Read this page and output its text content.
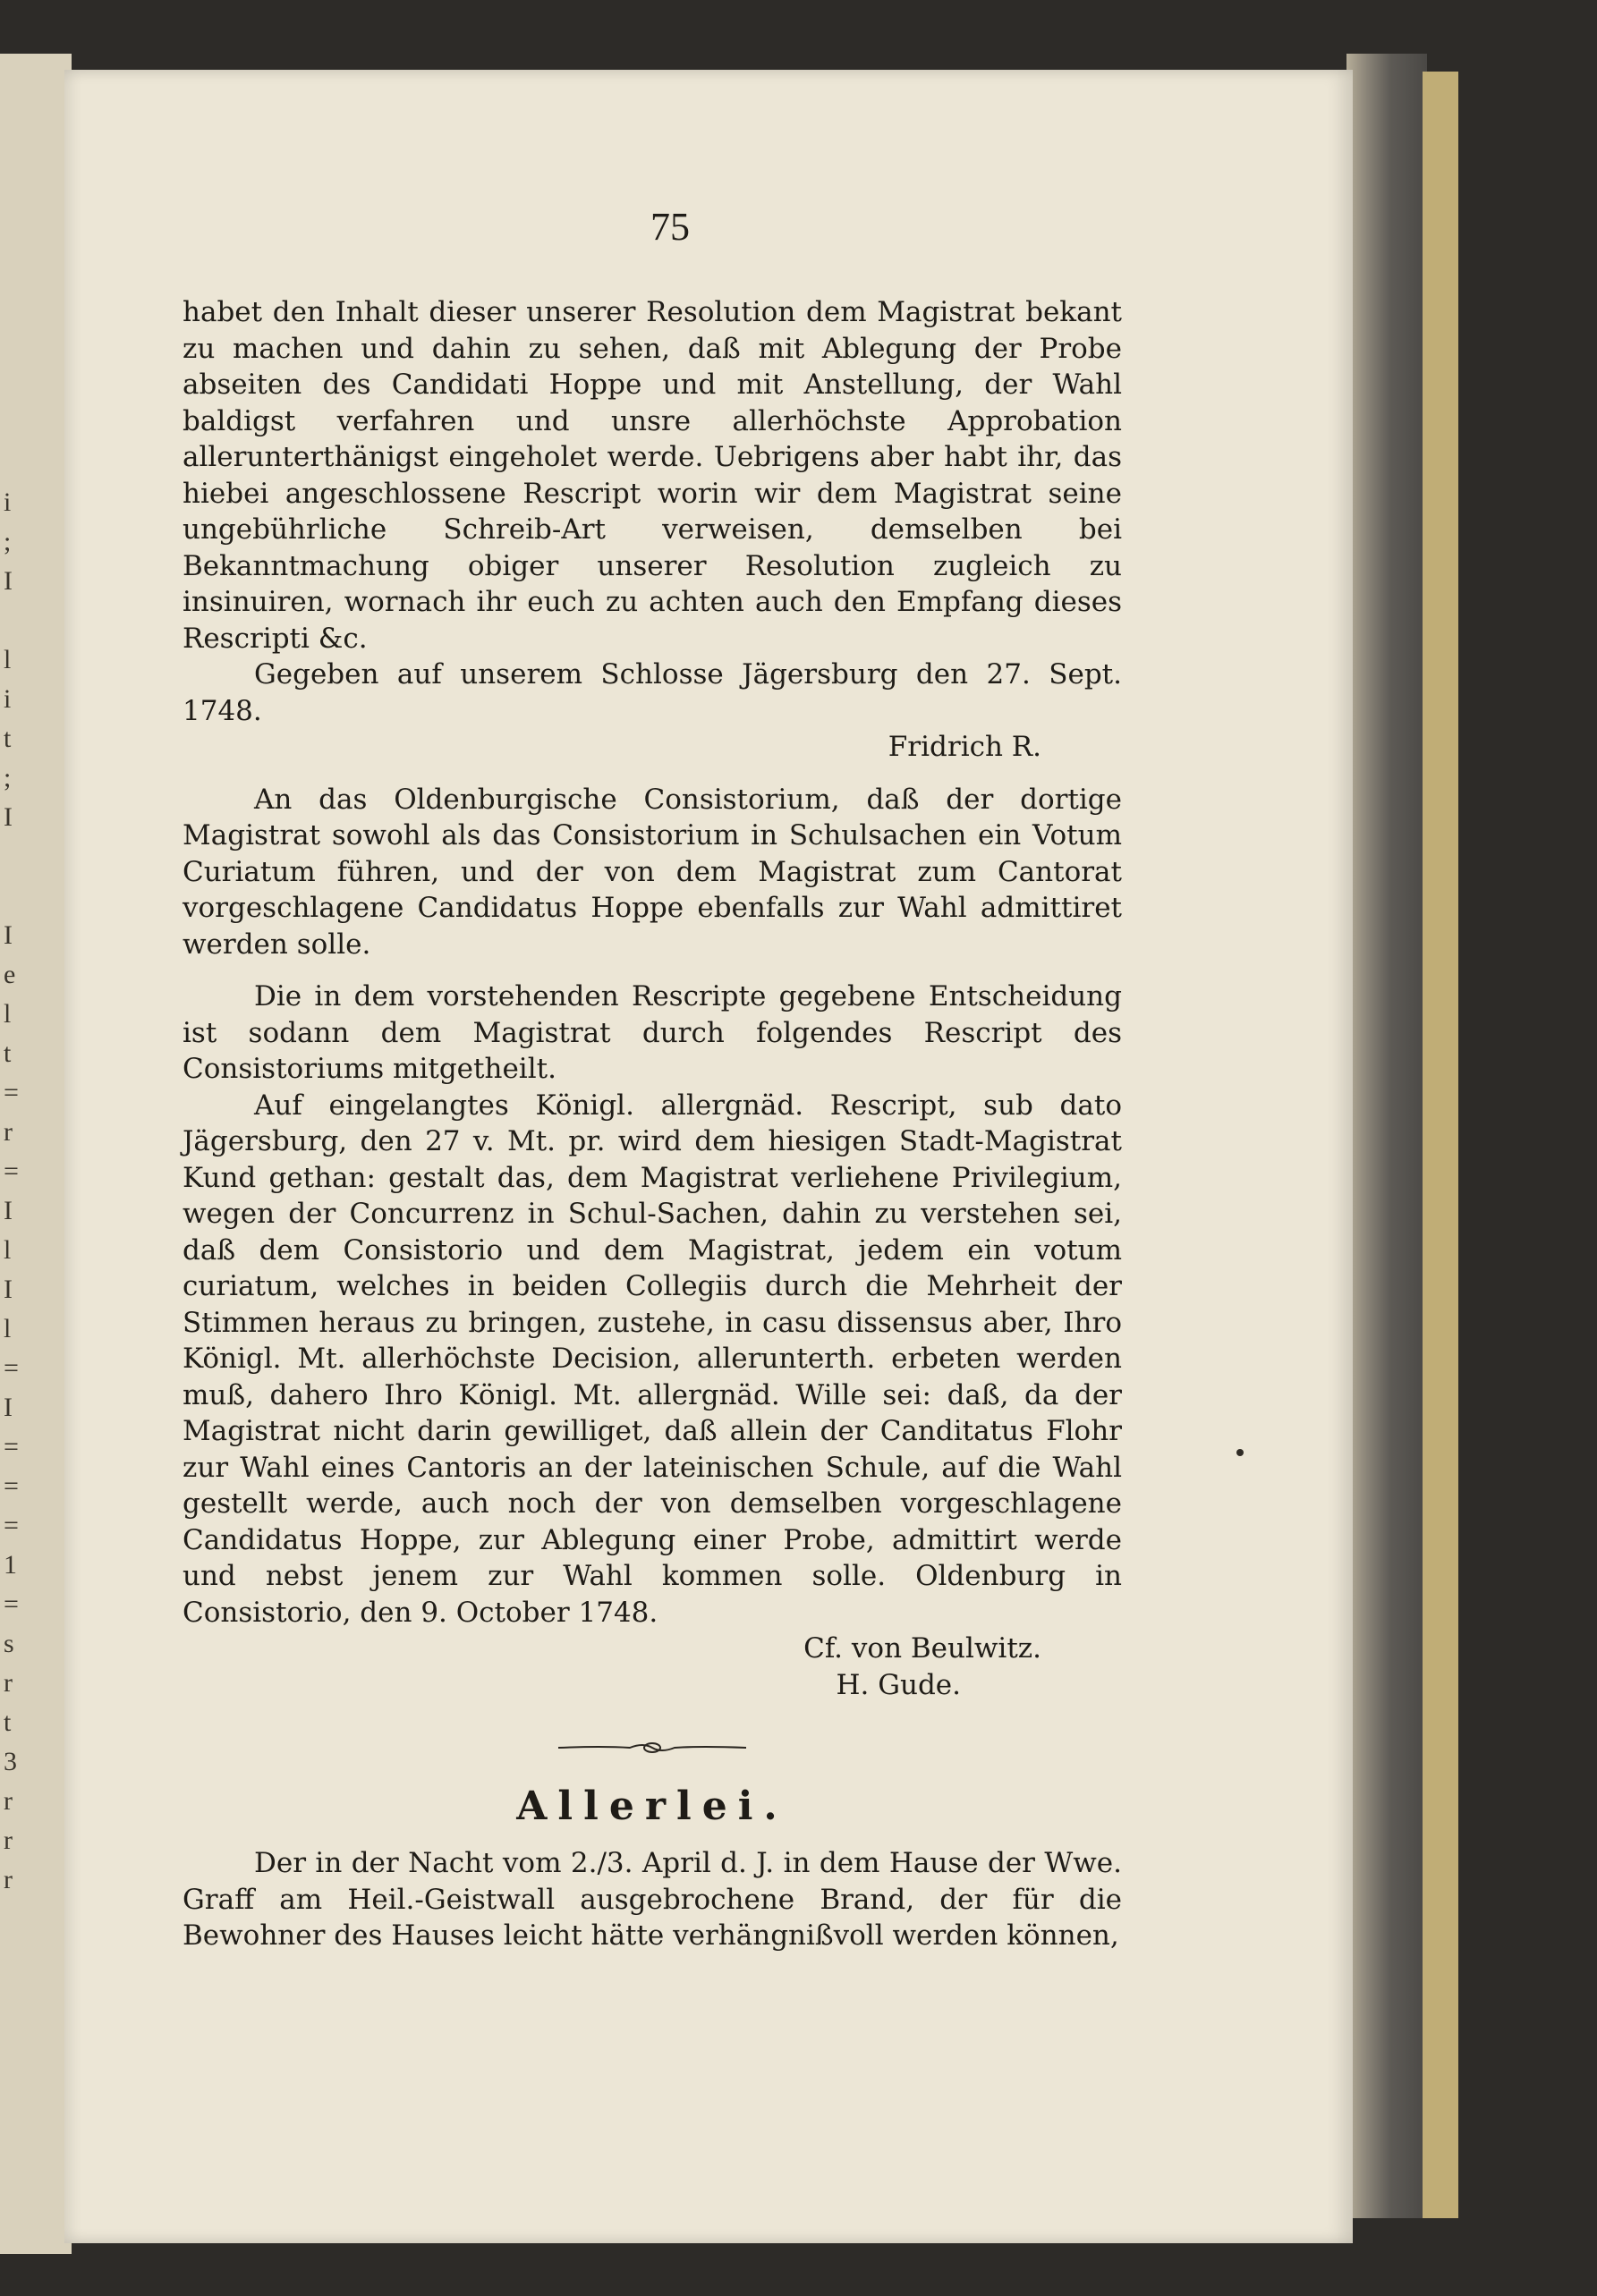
i
;
I

l
i
t
;
I

I
e
l
t
=
r
=
I
l
I
l
=
I
=
=
=
1
=
s
r
t
3
r
r
r
75

habet den Inhalt dieser unserer Resolution dem Magistrat bekant zu machen und dahin zu sehen, daß mit Ablegung der Probe abseiten des Candidati Hoppe und mit Anstellung, der Wahl baldigst verfahren und unsre allerhöchste Approbation allerunterthänigst eingeholet werde. Uebrigens aber habt ihr, das hiebei angeschlossene Rescript worin wir dem Magistrat seine ungebührliche Schreib-Art verweisen, demselben bei Bekanntmachung obiger unserer Resolution zugleich zu insinuiren, wornach ihr euch zu achten auch den Empfang dieses Rescripti &c.

Gegeben auf unserem Schlosse Jägersburg den 27. Sept. 1748.

Fridrich R.

An das Oldenburgische Consistorium, daß der dortige Magistrat sowohl als das Consistorium in Schulsachen ein Votum Curiatum führen, und der von dem Magistrat zum Cantorat vorgeschlagene Candidatus Hoppe ebenfalls zur Wahl admittiret werden solle.

Die in dem vorstehenden Rescripte gegebene Entscheidung ist sodann dem Magistrat durch folgendes Rescript des Consistoriums mitgetheilt.

Auf eingelangtes Königl. allergnäd. Rescript, sub dato Jägersburg, den 27 v. Mt. pr. wird dem hiesigen Stadt-Magistrat Kund gethan: gestalt das, dem Magistrat verliehene Privilegium, wegen der Concurrenz in Schul-Sachen, dahin zu verstehen sei, daß dem Consistorio und dem Magistrat, jedem ein votum curiatum, welches in beiden Collegiis durch die Mehrheit der Stimmen heraus zu bringen, zustehe, in casu dissensus aber, Ihro Königl. Mt. allerhöchste Decision, allerunterth. erbeten werden muß, dahero Ihro Königl. Mt. allergnäd. Wille sei: daß, da der Magistrat nicht darin gewilliget, daß allein der Canditatus Flohr zur Wahl eines Cantoris an der lateinischen Schule, auf die Wahl gestellt werde, auch noch der von demselben vorgeschlagene Candidatus Hoppe, zur Ablegung einer Probe, admittirt werde und nebst jenem zur Wahl kommen solle. Oldenburg in Consistorio, den 9. October 1748.

Cf. von Beulwitz.
H. Gude.
Allerlei.

Der in der Nacht vom 2./3. April d. J. in dem Hause der Wwe. Graff am Heil.-Geistwall ausgebrochene Brand, der für die Bewohner des Hauses leicht hätte verhängnißvoll werden können,
